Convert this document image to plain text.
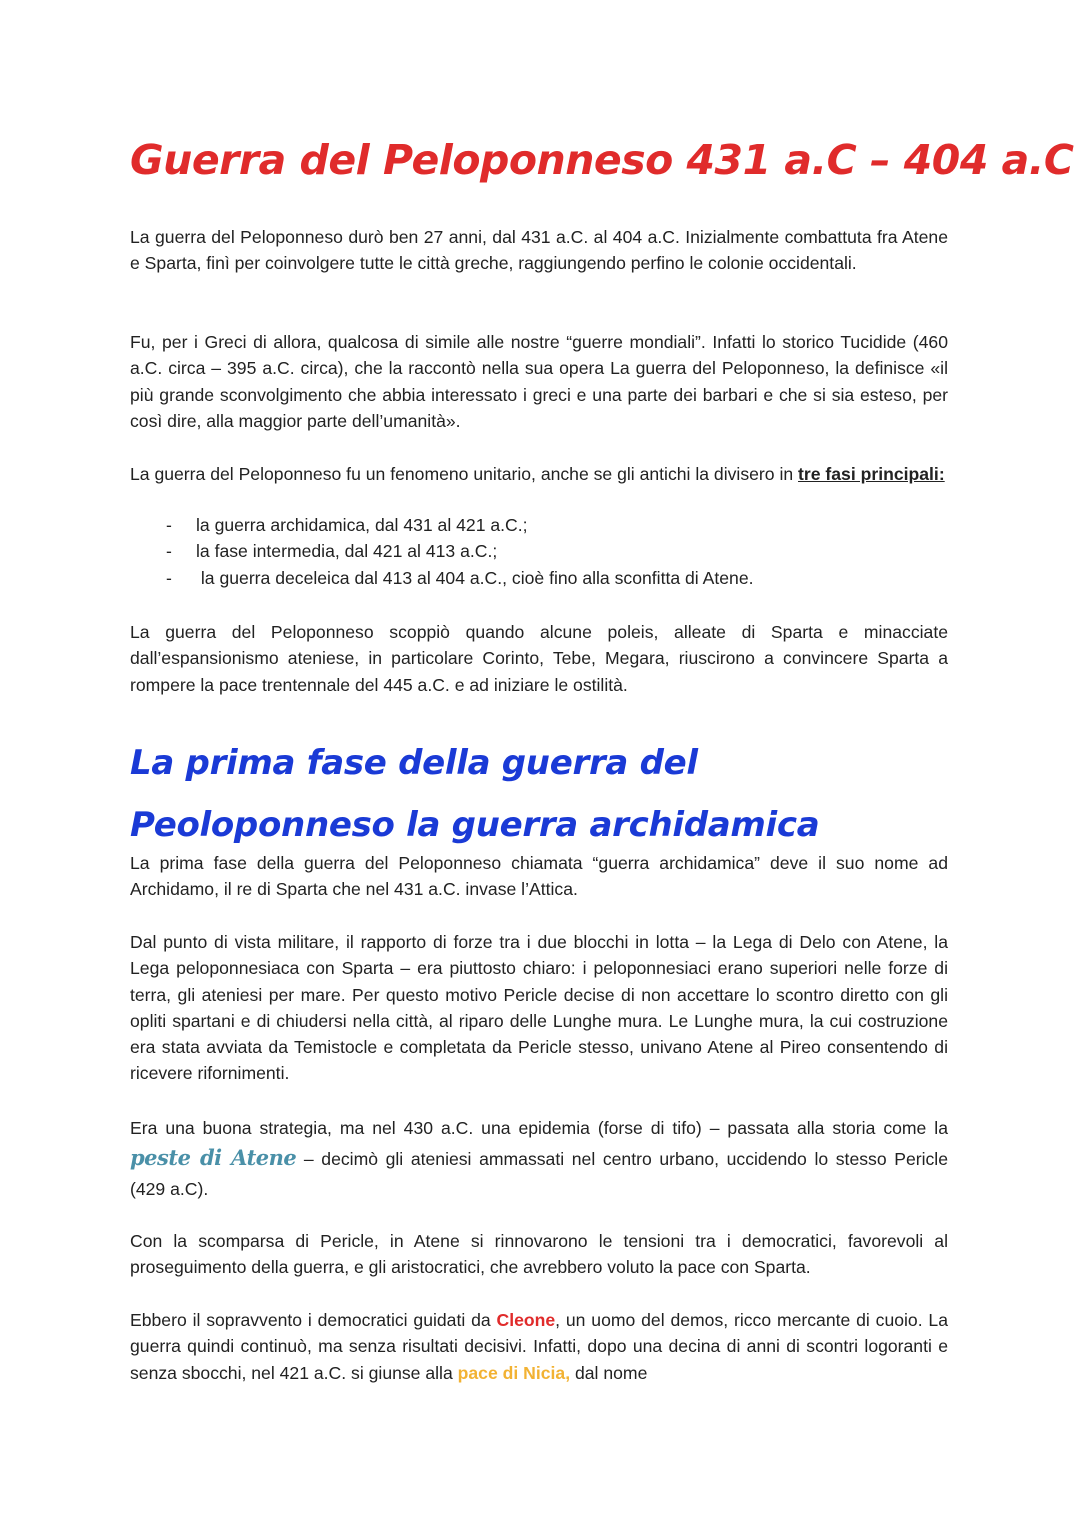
Guerra del Peloponneso 431 a.C – 404 a.C

La guerra del Peloponneso durò ben 27 anni, dal 431 a.C. al 404 a.C. Inizialmente combattuta fra Atene e Sparta, finì per coinvolgere tutte le città greche, raggiungendo perfino le colonie occidentali.

Fu, per i Greci di allora, qualcosa di simile alle nostre “guerre mondiali”. Infatti lo storico Tucidide (460 a.C. circa – 395 a.C. circa), che la raccontò nella sua opera La guerra del Peloponneso, la definisce «il più grande sconvolgimento che abbia interessato i greci e una parte dei barbari e che si sia esteso, per così dire, alla maggior parte dell’umanità».

La guerra del Peloponneso fu un fenomeno unitario, anche se gli antichi la divisero in tre fasi principali:

- la guerra archidamica, dal 431 al 421 a.C.;
- la fase intermedia, dal 421 al 413 a.C.;
- la guerra deceleica dal 413 al 404 a.C., cioè fino alla sconfitta di Atene.

La guerra del Peloponneso scoppiò quando alcune poleis, alleate di Sparta e minacciate dall’espansionismo ateniese, in particolare Corinto, Tebe, Megara, riuscirono a convincere Sparta a rompere la pace trentennale del 445 a.C. e ad iniziare le ostilità.

La prima fase della guerra del Peoloponneso la guerra archidamica

La prima fase della guerra del Peloponneso chiamata “guerra archidamica” deve il suo nome ad Archidamo, il re di Sparta che nel 431 a.C. invase l’Attica.

Dal punto di vista militare, il rapporto di forze tra i due blocchi in lotta – la Lega di Delo con Atene, la Lega peloponnesiaca con Sparta – era piuttosto chiaro: i peloponnesiaci erano superiori nelle forze di terra, gli ateniesi per mare. Per questo motivo Pericle decise di non accettare lo scontro diretto con gli opliti spartani e di chiudersi nella città, al riparo delle Lunghe mura. Le Lunghe mura, la cui costruzione era stata avviata da Temistocle e completata da Pericle stesso, univano Atene al Pireo consentendo di ricevere rifornimenti.

Era una buona strategia, ma nel 430 a.C. una epidemia (forse di tifo) – passata alla storia come la peste di Atene – decimò gli ateniesi ammassati nel centro urbano, uccidendo lo stesso Pericle (429 a.C).

Con la scomparsa di Pericle, in Atene si rinnovarono le tensioni tra i democratici, favorevoli al proseguimento della guerra, e gli aristocratici, che avrebbero voluto la pace con Sparta.

Ebbero il sopravvento i democratici guidati da Cleone, un uomo del demos, ricco mercante di cuoio. La guerra quindi continuò, ma senza risultati decisivi. Infatti, dopo una decina di anni di scontri logoranti e senza sbocchi, nel 421 a.C. si giunse alla pace di Nicia, dal nome
